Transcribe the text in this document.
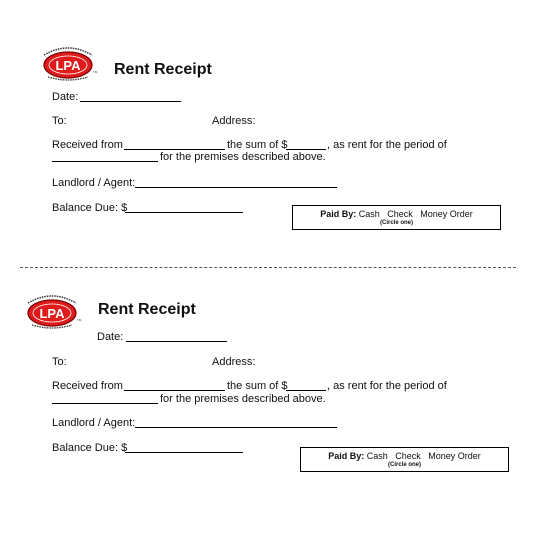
LPA	TM Rent Receipt
Date:
To:	Address:
Received from	the sum of $	, as rent for the period of
for the premises described above.
Landlord / Agent:
Balance Due: $	Paid By: Cash Check Money Order
(Circle one)
LPA	TM
Rent Receipt
Date:
To:	Address:
Received from	the sum of $	, as rent for the period of
for the premises described above.
Landlord / Agent:
Balance Due: $
Paid By: Cash Check Money Order
(Circle one)
